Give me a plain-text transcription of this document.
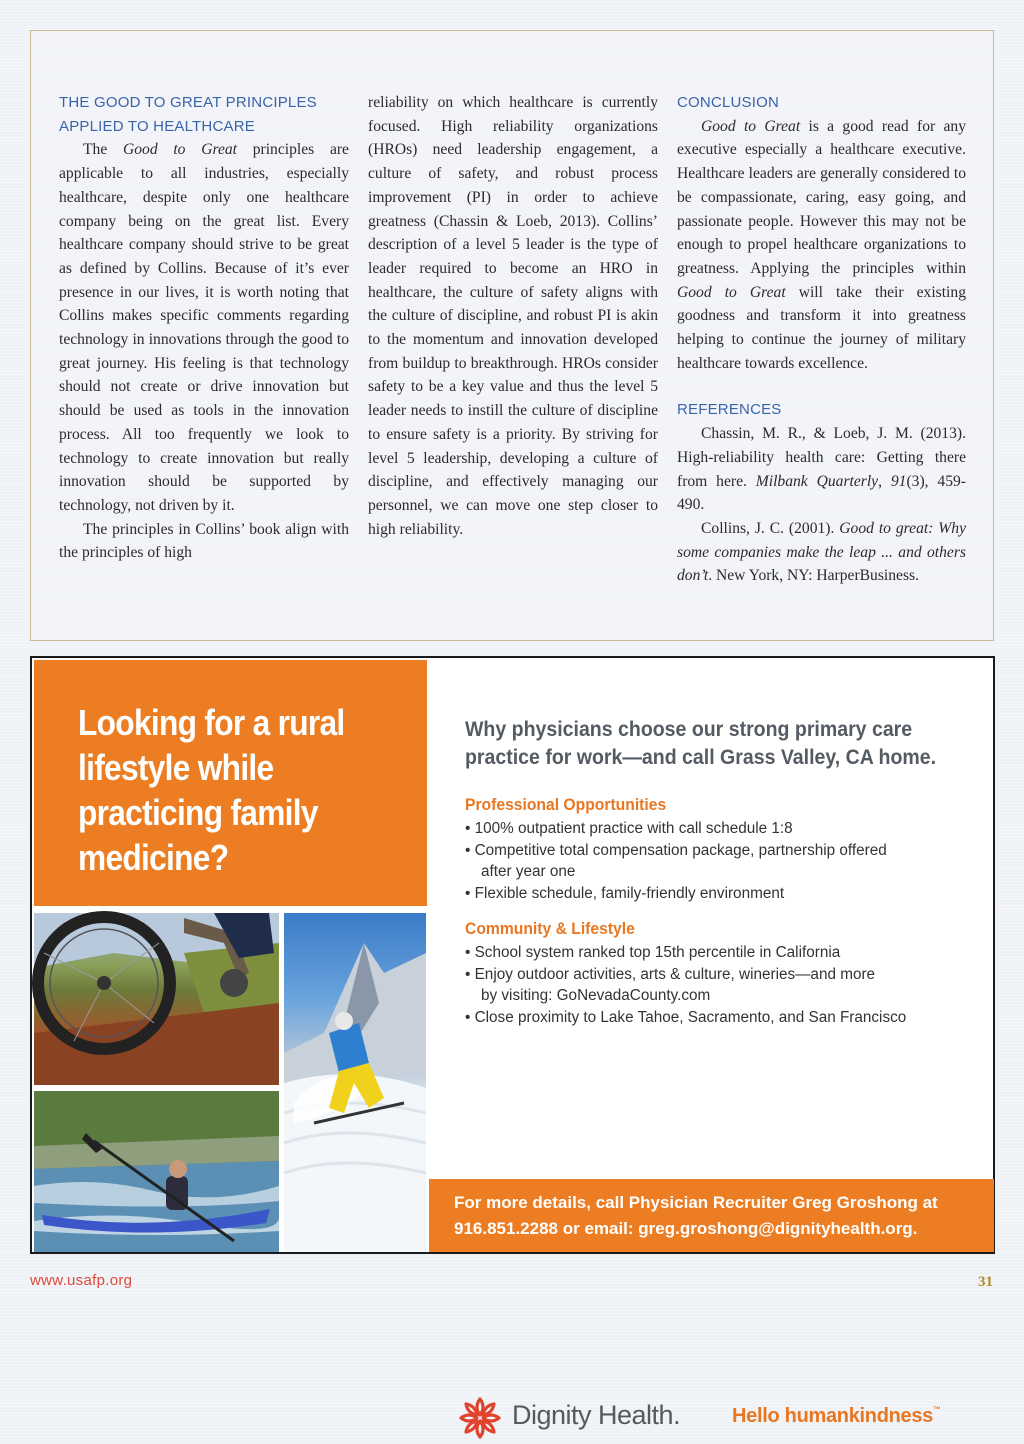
THE GOOD TO GREAT PRINCIPLES APPLIED TO HEALTHCARE

The Good to Great principles are applicable to all industries, especially healthcare, despite only one healthcare company being on the great list. Every healthcare company should strive to be great as defined by Collins. Because of it’s ever presence in our lives, it is worth noting that Collins makes specific comments regarding technology in innovations through the good to great journey. His feeling is that technology should not create or drive innovation but should be used as tools in the innovation process. All too frequently we look to technology to create innovation but really innovation should be supported by technology, not driven by it.

The principles in Collins’ book align with the principles of high

reliability on which healthcare is currently focused. High reliability organizations (HROs) need leadership engagement, a culture of safety, and robust process improvement (PI) in order to achieve greatness (Chassin & Loeb, 2013). Collins’ description of a level 5 leader is the type of leader required to become an HRO in healthcare, the culture of safety aligns with the culture of discipline, and robust PI is akin to the momentum and innovation developed from buildup to breakthrough. HROs consider safety to be a key value and thus the level 5 leader needs to instill the culture of discipline to ensure safety is a priority. By striving for level 5 leadership, developing a culture of discipline, and effectively managing our personnel, we can move one step closer to high reliability.

CONCLUSION

Good to Great is a good read for any executive especially a healthcare executive. Healthcare leaders are generally considered to be compassionate, caring, easy going, and passionate people. However this may not be enough to propel healthcare organizations to greatness. Applying the principles within Good to Great will take their existing goodness and transform it into greatness helping to continue the journey of military healthcare towards excellence.

REFERENCES

Chassin, M. R., & Loeb, J. M. (2013). High-reliability health care: Getting there from here. Milbank Quarterly, 91(3), 459-490.

Collins, J. C. (2001). Good to great: Why some companies make the leap ... and others don’t. New York, NY: HarperBusiness.

Looking for a rural lifestyle while practicing family medicine?
Why physicians choose our strong primary care practice for work—and call Grass Valley, CA home.
Professional Opportunities
• 100% outpatient practice with call schedule 1:8
• Competitive total compensation package, partnership offered
after year one
• Flexible schedule, family-friendly environment
Community & Lifestyle
• School system ranked top 15th percentile in California
• Enjoy outdoor activities, arts & culture, wineries—and more
by visiting: GoNevadaCounty.com
• Close proximity to Lake Tahoe, Sacramento, and San Francisco
Dignity Health.	Hello humankindness™
For more details, call Physician Recruiter Greg Groshong at
916.851.2288 or email: greg.groshong@dignityhealth.org.
www.usafp.org	31
